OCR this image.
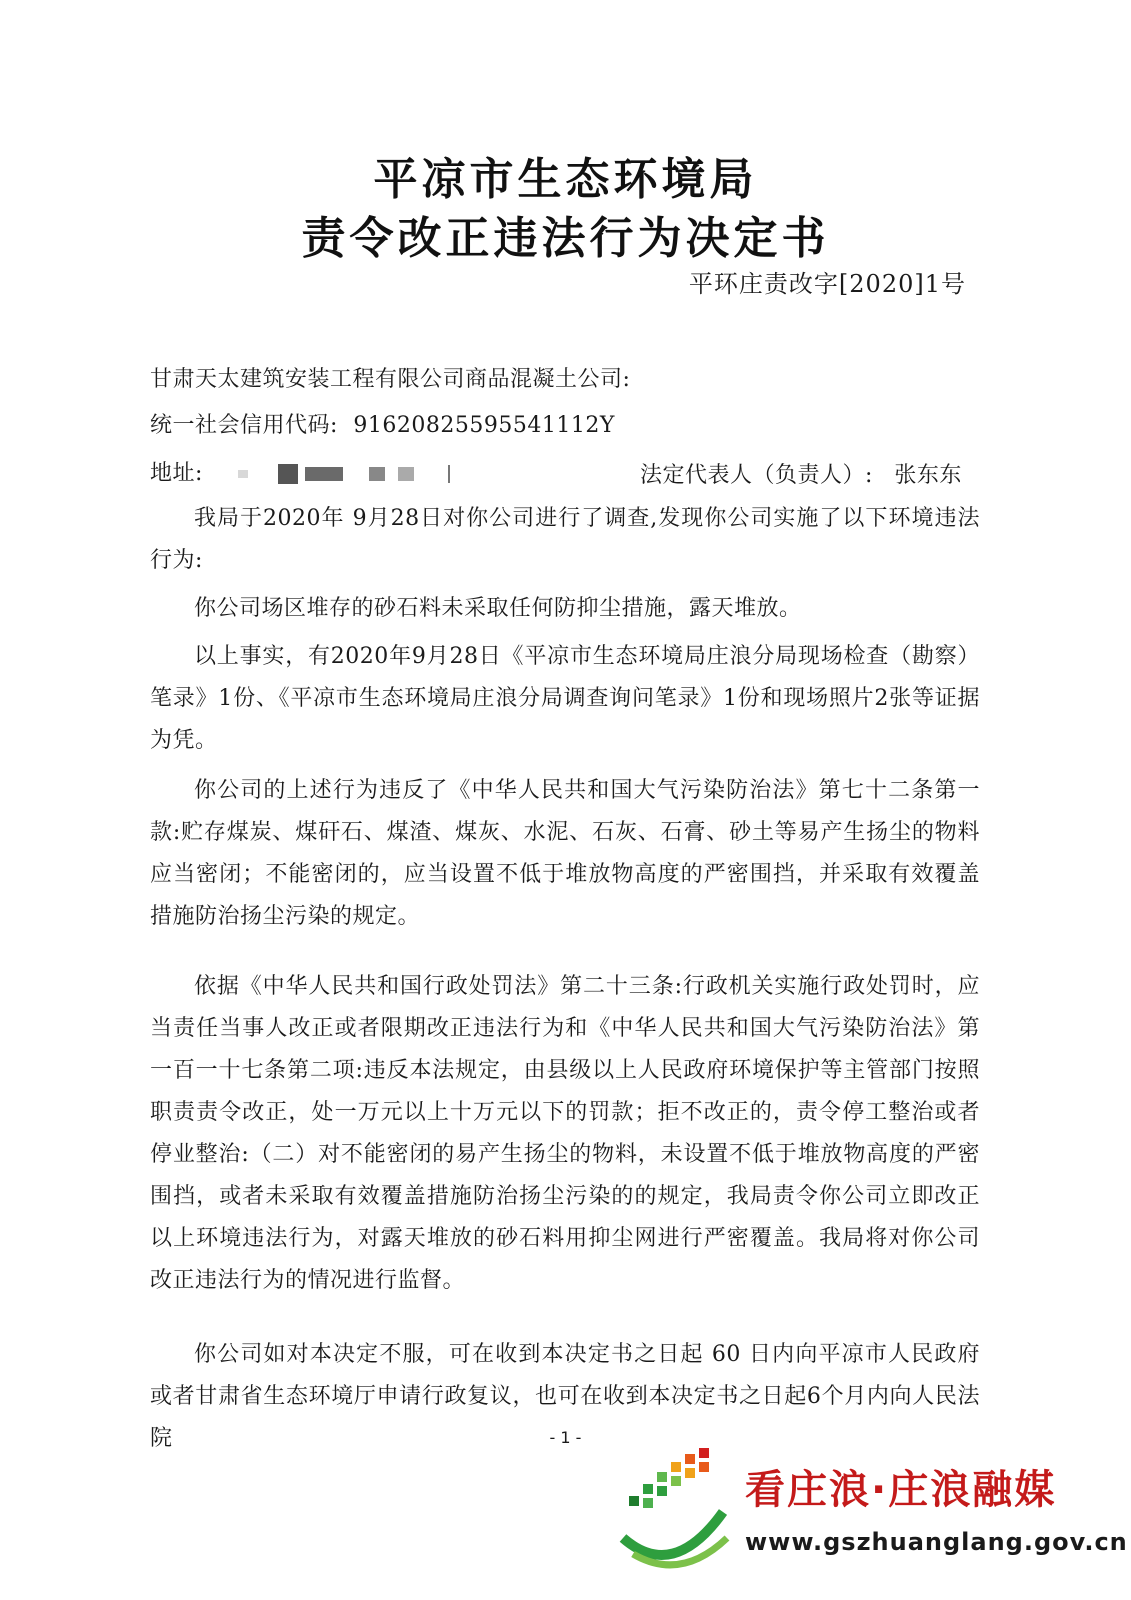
平凉市生态环境局
责令改正违法行为决定书
平环庄责改字[2020]1号
甘肃天太建筑安装工程有限公司商品混凝土公司:
统一社会信用代码: 91620825595541112Y
地址:	法定代表人（负责人）: 张东东
我局于2020年 9月28日对你公司进行了调查,发现你公司实施了以下环境违法行为:
你公司场区堆存的砂石料未采取任何防抑尘措施，露天堆放。
以上事实，有2020年9月28日《平凉市生态环境局庄浪分局现场检查（勘察）笔录》1份、《平凉市生态环境局庄浪分局调查询问笔录》1份和现场照片2张等证据为凭。
你公司的上述行为违反了《中华人民共和国大气污染防治法》第七十二条第一款:贮存煤炭、煤矸石、煤渣、煤灰、水泥、石灰、石膏、砂土等易产生扬尘的物料应当密闭；不能密闭的，应当设置不低于堆放物高度的严密围挡，并采取有效覆盖措施防治扬尘污染的规定。
依据《中华人民共和国行政处罚法》第二十三条:行政机关实施行政处罚时，应当责任当事人改正或者限期改正违法行为和《中华人民共和国大气污染防治法》第一百一十七条第二项:违反本法规定，由县级以上人民政府环境保护等主管部门按照职责责令改正，处一万元以上十万元以下的罚款；拒不改正的，责令停工整治或者停业整治:（二）对不能密闭的易产生扬尘的物料，未设置不低于堆放物高度的严密围挡，或者未采取有效覆盖措施防治扬尘污染的的规定，我局责令你公司立即改正以上环境违法行为，对露天堆放的砂石料用抑尘网进行严密覆盖。我局将对你公司改正违法行为的情况进行监督。
你公司如对本决定不服，可在收到本决定书之日起 60 日内向平凉市人民政府或者甘肃省生态环境厅申请行政复议，也可在收到本决定书之日起6个月内向人民法院	- 1 -
看庄浪·庄浪融媒
www.gszhuanglang.gov.cn
